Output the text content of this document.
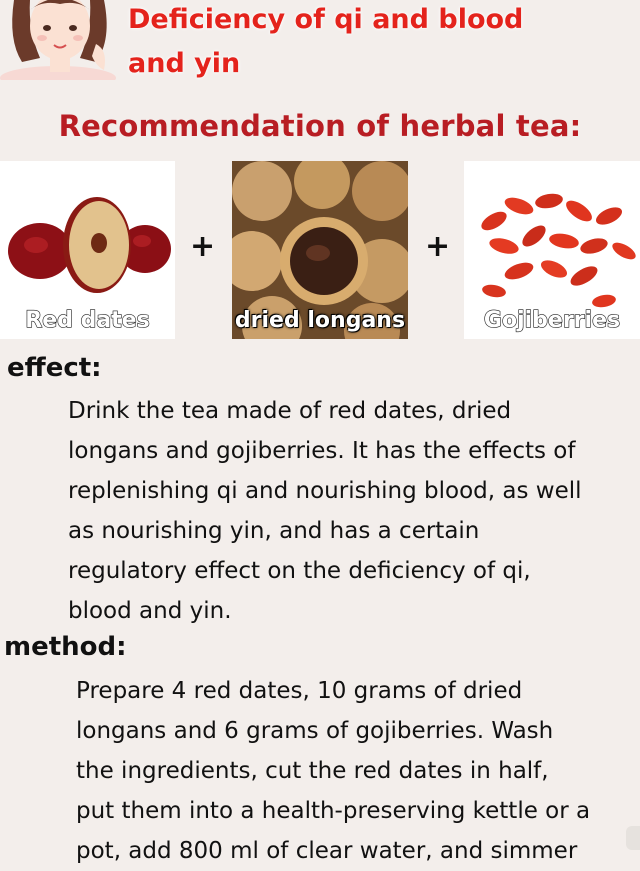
Deficiency of qi and blood
and yin
Recommendation of herbal tea:
Red dates
+
dried longans
+
Gojiberries
effect:
Drink the tea made of red dates, dried
longans and gojiberries. It has the effects of
replenishing qi and nourishing blood, as well
as nourishing yin, and has a certain
regulatory effect on the deficiency of qi,
blood and yin.
method:
Prepare 4 red dates, 10 grams of dried
longans and 6 grams of gojiberries. Wash
the ingredients, cut the red dates in half,
put them into a health-preserving kettle or a
pot, add 800 ml of clear water, and simmer
